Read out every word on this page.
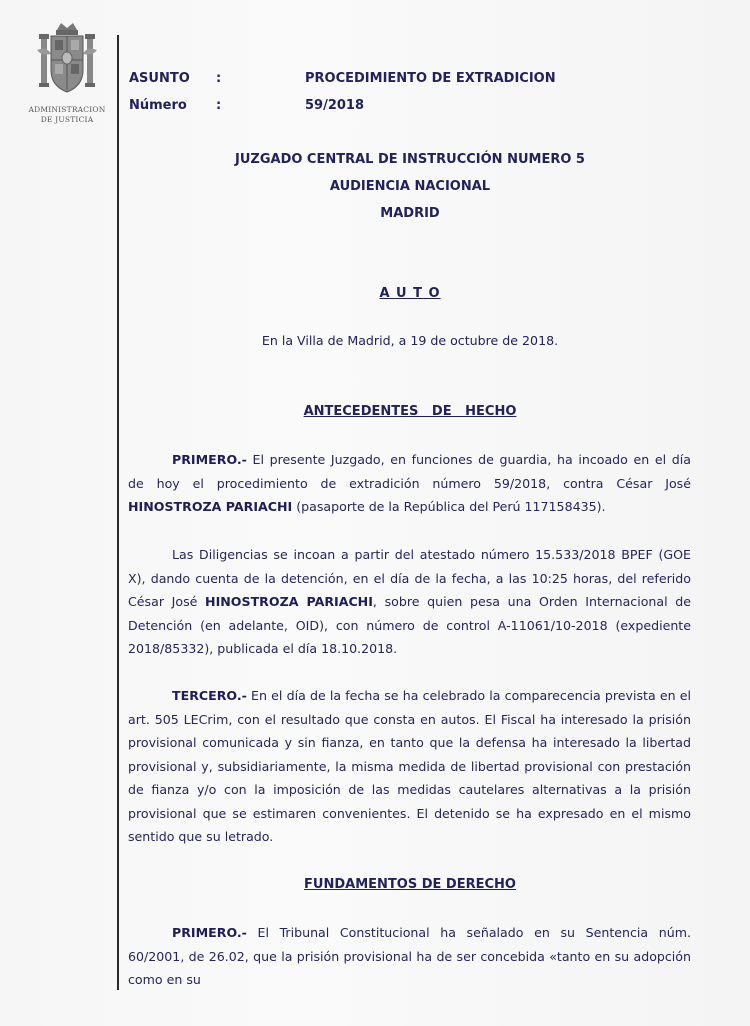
ADMINISTRACION
DE JUSTICIA
ASUNTO :	PROCEDIMIENTO DE EXTRADICION
Número :	59/2018
JUZGADO CENTRAL DE INSTRUCCIÓN NUMERO 5
AUDIENCIA NACIONAL
MADRID
A U T O
En la Villa de Madrid, a 19 de octubre de 2018.
ANTECEDENTES   DE   HECHO
PRIMERO.- El presente Juzgado, en funciones de guardia, ha incoado en el día de hoy el procedimiento de extradición número 59/2018, contra César José HINOSTROZA PARIACHI (pasaporte de la República del Perú 117158435).
Las Diligencias se incoan a partir del atestado número 15.533/2018 BPEF (GOE X), dando cuenta de la detención, en el día de la fecha, a las 10:25 horas, del referido César José HINOSTROZA PARIACHI, sobre quien pesa una Orden Internacional de Detención (en adelante, OID), con número de control A-11061/10-2018 (expediente 2018/85332), publicada el día 18.10.2018.
TERCERO.- En el día de la fecha se ha celebrado la comparecencia prevista en el art. 505 LECrim, con el resultado que consta en autos. El Fiscal ha interesado la prisión provisional comunicada y sin fianza, en tanto que la defensa ha interesado la libertad provisional y, subsidiariamente, la misma medida de libertad provisional con prestación de fianza y/o con la imposición de las medidas cautelares alternativas a la prisión provisional que se estimaren convenientes. El detenido se ha expresado en el mismo sentido que su letrado.
FUNDAMENTOS DE DERECHO
PRIMERO.- El Tribunal Constitucional ha señalado en su Sentencia núm. 60/2001, de 26.02, que la prisión provisional ha de ser concebida «tanto en su adopción como en su
